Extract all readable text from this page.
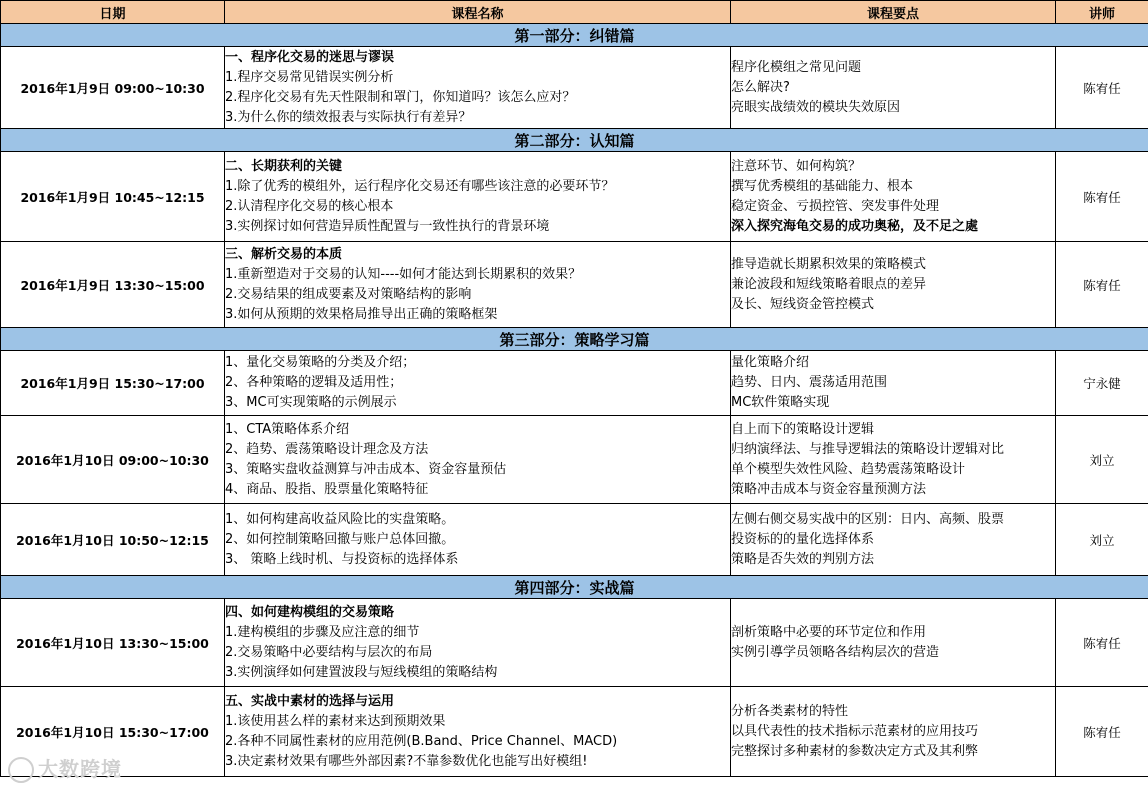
日期	课程名称	课程要点	讲师
第一部分：纠错篇			
2016年1月9日 09:00~10:30	一、程序化交易的迷思与谬误
1.程序交易常见错误实例分析
2.程序化交易有先天性限制和罩门，你知道吗？该怎么应对？
3.为什么你的绩效报表与实际执行有差异？	程序化模组之常见问题
怎么解决?
亮眼实战绩效的模块失效原因	陈宥任
第二部分：认知篇			
2016年1月9日 10:45~12:15	二、长期获利的关键
1.除了优秀的模组外，运行程序化交易还有哪些该注意的必要环节？
2.认清程序化交易的核心根本
3.实例探讨如何营造异质性配置与一致性执行的背景环境	注意环节、如何构筑？
撰写优秀模组的基础能力、根本
稳定资金、亏损控管、突发事件处理
深入探究海龟交易的成功奥秘，及不足之處	陈宥任
2016年1月9日 13:30~15:00	三、解析交易的本质
1.重新塑造对于交易的认知----如何才能达到长期累积的效果？
2.交易结果的组成要素及对策略结构的影响
3.如何从预期的效果格局推导出正确的策略框架	推导造就长期累积效果的策略模式
兼论波段和短线策略着眼点的差异
及长、短线资金管控模式	陈宥任
第三部分：策略学习篇			
2016年1月9日 15:30~17:00	1、量化交易策略的分类及介绍；
2、各种策略的逻辑及适用性；
3、MC可实现策略的示例展示	量化策略介绍
趋势、日内、震荡适用范围
MC软件策略实现	宁永健
2016年1月10日 09:00~10:30	1、CTA策略体系介绍
2、趋势、震荡策略设计理念及方法
3、策略实盘收益测算与冲击成本、资金容量预估
4、商品、股指、股票量化策略特征	自上而下的策略设计逻辑
归纳演绎法、与推导逻辑法的策略设计逻辑对比
单个模型失效性风险、趋势震荡策略设计
策略冲击成本与资金容量预测方法	刘立
2016年1月10日 10:50~12:15	1、如何构建高收益风险比的实盘策略。
2、如何控制策略回撤与账户总体回撤。
3、 策略上线时机、与投资标的选择体系	左侧右侧交易实战中的区别：日内、高频、股票
投资标的的量化选择体系
策略是否失效的判别方法	刘立
第四部分：实战篇			
2016年1月10日 13:30~15:00	四、如何建构模组的交易策略
1.建构模组的步骤及应注意的细节
2.交易策略中必要结构与层次的布局
3.实例演绎如何建置波段与短线模组的策略结构	剖析策略中必要的环节定位和作用
实例引導学员领略各结构层次的营造	陈宥任
2016年1月10日 15:30~17:00	五、实战中素材的选择与运用
1.该使用甚么样的素材来达到预期效果
2.各种不同属性素材的应用范例(B.Band、Price Channel、MACD)
3.决定素材效果有哪些外部因素?不靠参数优化也能写出好模组!	分析各类素材的特性
以具代表性的技术指标示范素材的应用技巧
完整探讨多种素材的参数决定方式及其利弊	陈宥任
大数跨境
